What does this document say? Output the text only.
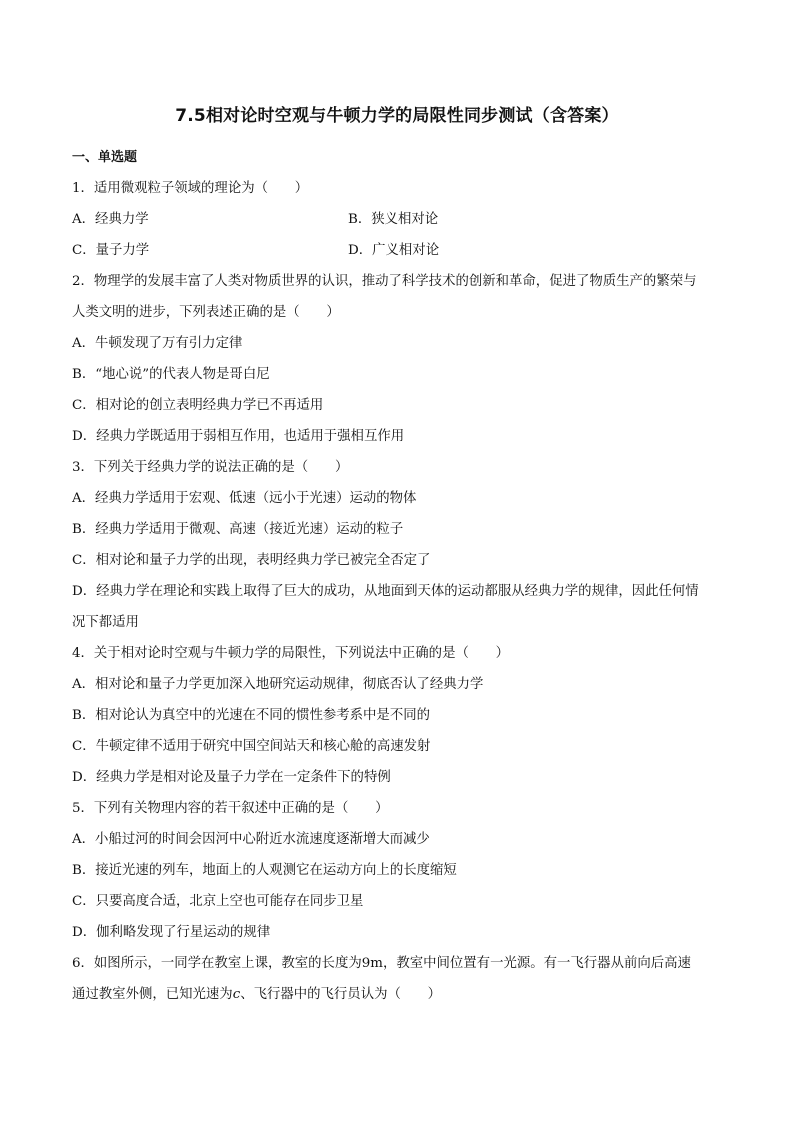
7.5相对论时空观与牛顿力学的局限性同步测试（含答案）
一、单选题
1．适用微观粒子领域的理论为（　　）
A．经典力学	B．狭义相对论
C．量子力学	D．广义相对论
2．物理学的发展丰富了人类对物质世界的认识，推动了科学技术的创新和革命，促进了物质生产的繁荣与
人类文明的进步，下列表述正确的是（　　）
A．牛顿发现了万有引力定律
B．“地心说”的代表人物是哥白尼
C．相对论的创立表明经典力学已不再适用
D．经典力学既适用于弱相互作用，也适用于强相互作用
3．下列关于经典力学的说法正确的是（　　）
A．经典力学适用于宏观、低速（远小于光速）运动的物体
B．经典力学适用于微观、高速（接近光速）运动的粒子
C．相对论和量子力学的出现，表明经典力学已被完全否定了
D．经典力学在理论和实践上取得了巨大的成功，从地面到天体的运动都服从经典力学的规律，因此任何情
况下都适用
4．关于相对论时空观与牛顿力学的局限性，下列说法中正确的是（　　）
A．相对论和量子力学更加深入地研究运动规律，彻底否认了经典力学
B．相对论认为真空中的光速在不同的惯性参考系中是不同的
C．牛顿定律不适用于研究中国空间站天和核心舱的高速发射
D．经典力学是相对论及量子力学在一定条件下的特例
5．下列有关物理内容的若干叙述中正确的是（　　）
A．小船过河的时间会因河中心附近水流速度逐渐增大而减少
B．接近光速的列车，地面上的人观测它在运动方向上的长度缩短
C．只要高度合适，北京上空也可能存在同步卫星
D．伽利略发现了行星运动的规律
6．如图所示，一同学在教室上课，教室的长度为9m，教室中间位置有一光源。有一飞行器从前向后高速
通过教室外侧，已知光速为c、飞行器中的飞行员认为（　　）
